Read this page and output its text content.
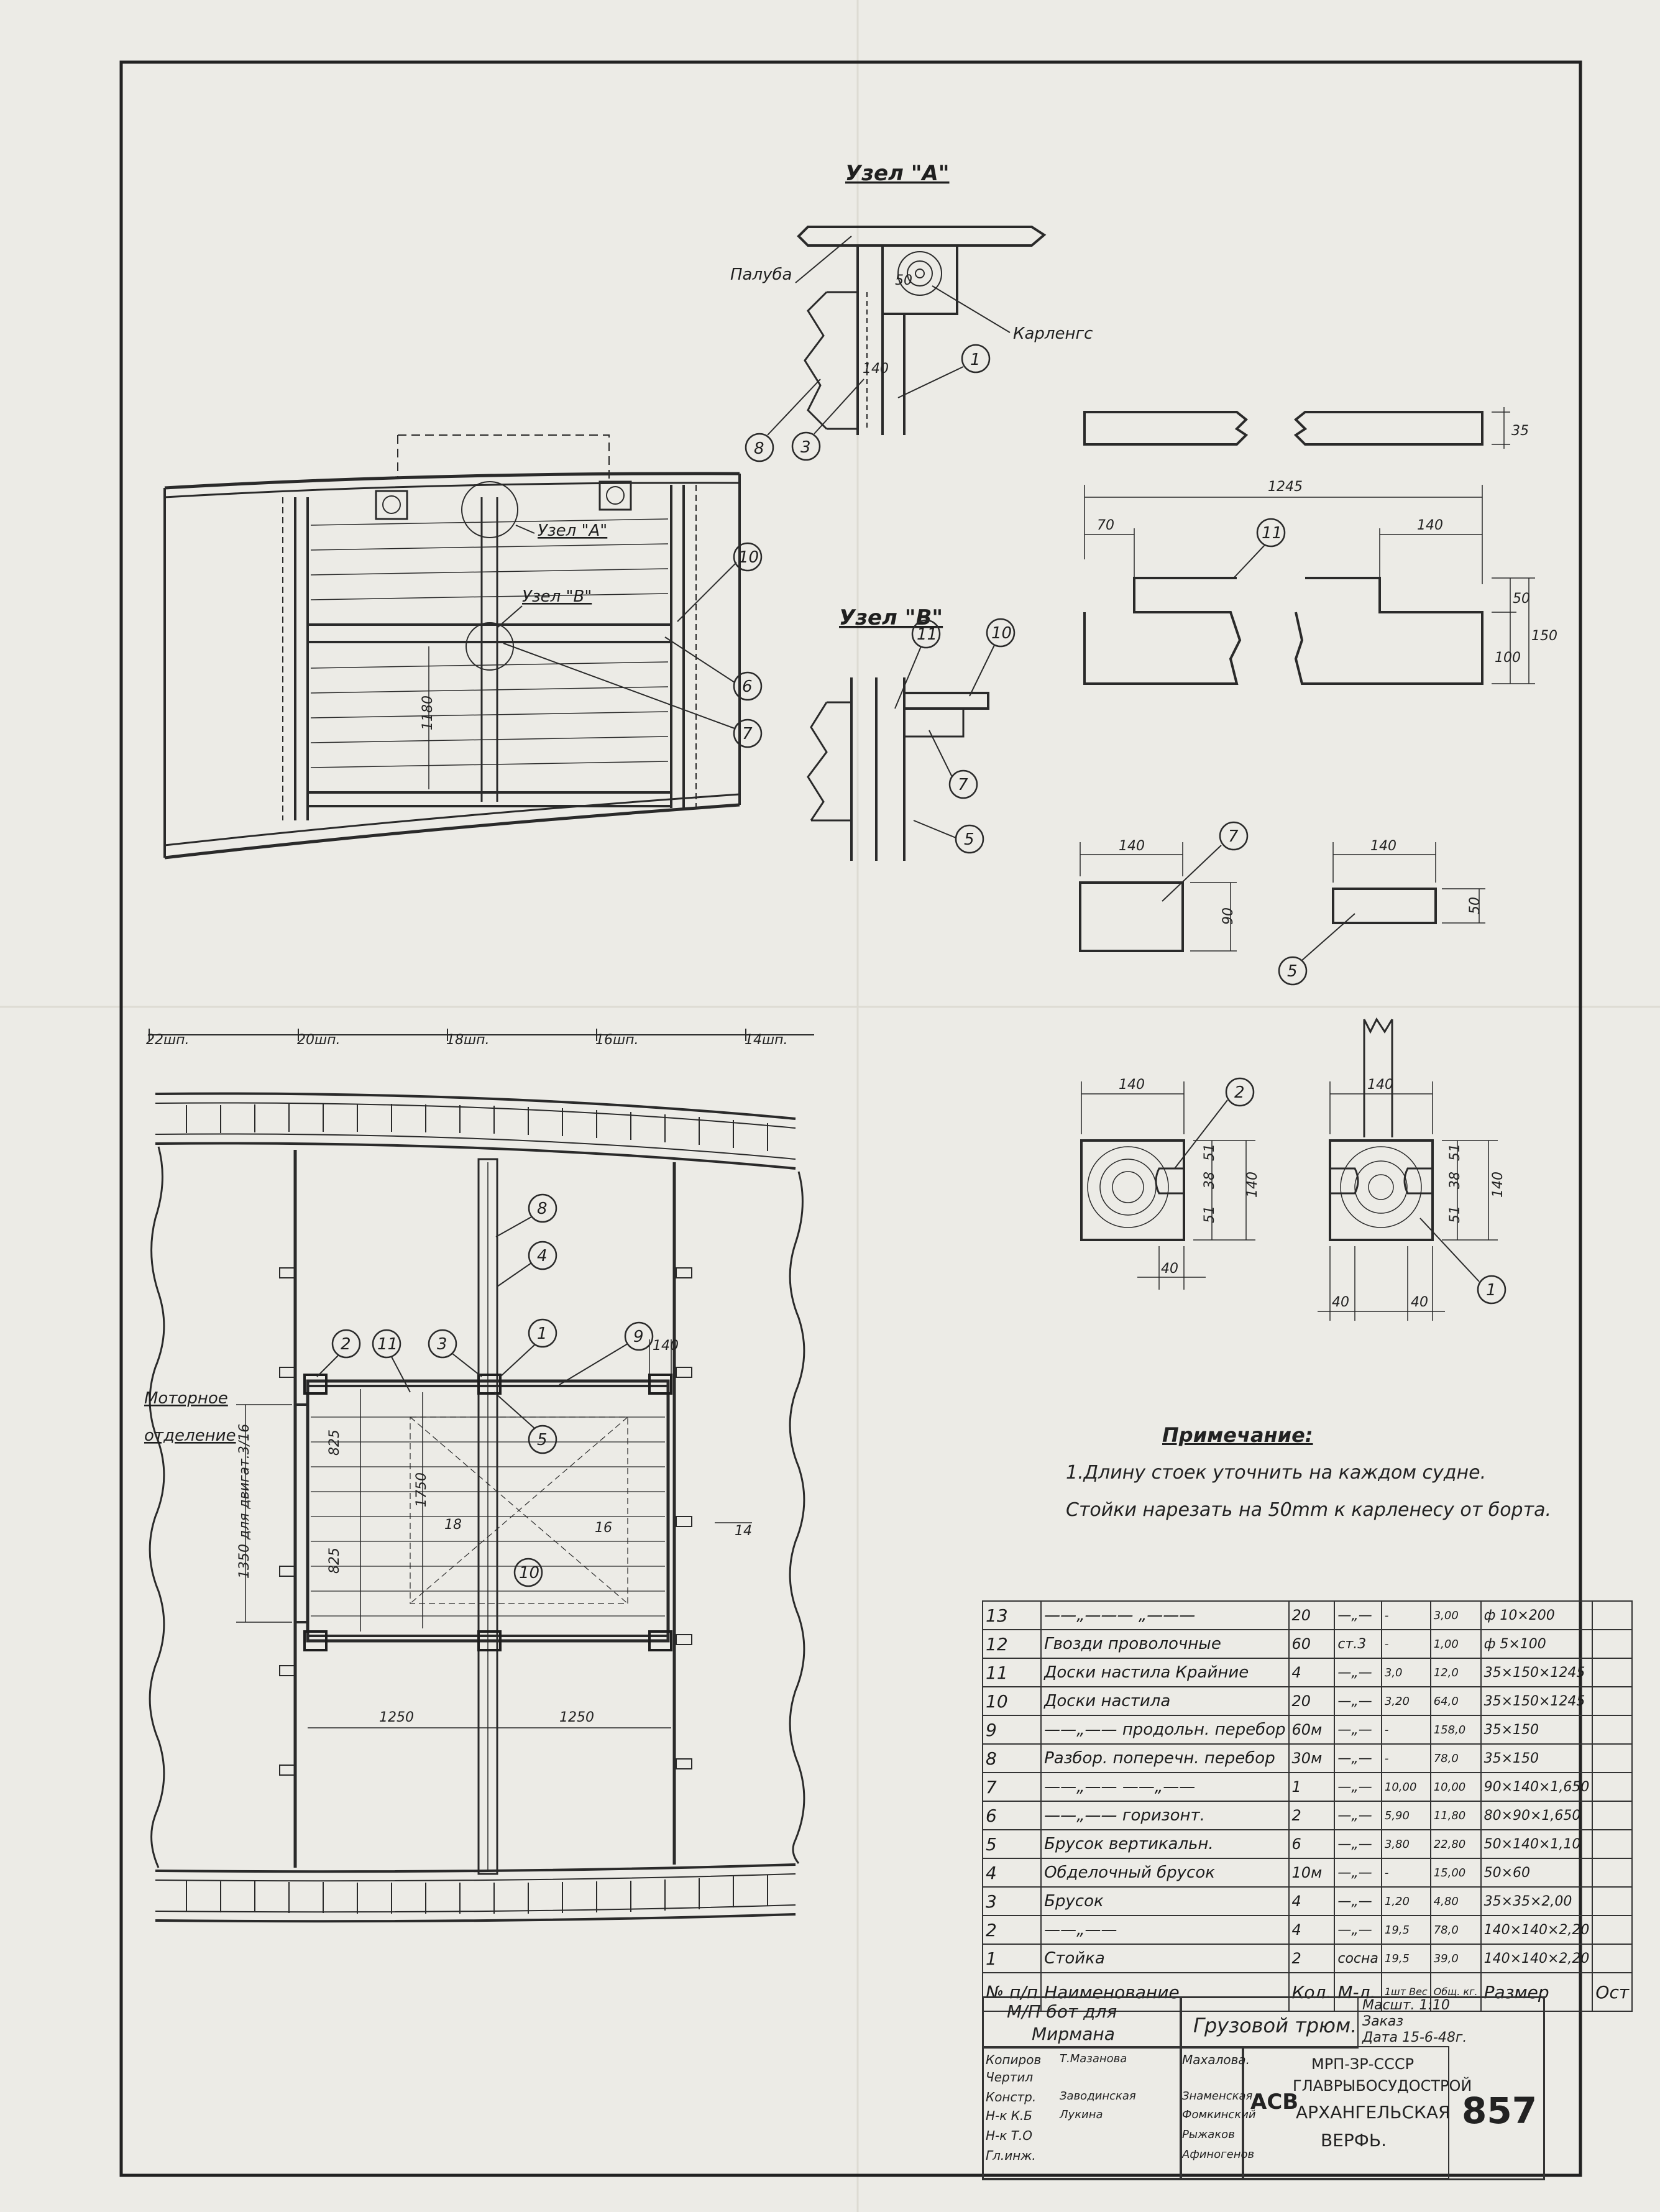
Узел "А"
Палуба
Карленгс
50
140
8 3
1
35
1245
70	140
50
100
150
11
1180
Узел "А"
Узел "В"
10
6
7
Узел "В"
11	10
7
5	140
90
7
140
50
5
140
51
38
51
140
40
2	140
51
38
51
140
40	40
1
22шп.	20шп.	18шп.	16шп.	14шп.
825
825
1750
18	16	14
1350 для двигат.3/16
Моторное
отделение
1250	1250
140
8
4
2 11 3
1	9
5
10
Примечание:
1.Длину стоек уточнить на каждом судне.
Стойки нарезать на 50mm к карленесу от борта.
13	——„——— „———	20	—„—	-	3,00	ф 10×200	
12	Гвозди проволочные	60	ст.3	-	1,00	ф 5×100	
11	Доски настила Крайние	4	—„—	3,0	12,0	35×150×1245	
10	Доски настила	20	—„—	3,20	64,0	35×150×1245	
9	——„—— продольн. перебор	60м	—„—	-	158,0	35×150	
8	Разбор. поперечн. перебор	30м	—„—	-	78,0	35×150	
7	——„—— ——„——	1	—„—	10,00	10,00	90×140×1,650	
6	——„—— горизонт.	2	—„—	5,90	11,80	80×90×1,650	
5	Брусок вертикальн.	6	—„—	3,80	22,80	50×140×1,10	
4	Обделочный брусок	10м	—„—	-	15,00	50×60	
3	Брусок	4	—„—	1,20	4,80	35×35×2,00	
2	——„——	4	—„—	19,5	78,0	140×140×2,20	
1	Стойка	2	сосна	19,5	39,0	140×140×2,20	
№ п/п	Наименование	Кол.	М-л.	1шт Вес	Общ. кг.	Размер	Ост
М/П бот для
Мирмана	Грузовой трюм.
Масшт. 1:10
Заказ
Дата 15-6-48г.
Копиров
Чертил
Констр.
Н-к К.Б
Н-к Т.О
Гл.инж.
Т.Мазанова
Заводинская
Лукина
Махалова.
Знаменская
Фомкинский
Рыжаков
Афиногенов
АСВ
МРП-ЗР-СССР
ГЛАВРЫБОСУДОСТРОЙ
АРХАНГЕЛЬСКАЯ
ВЕРФЬ.
857
